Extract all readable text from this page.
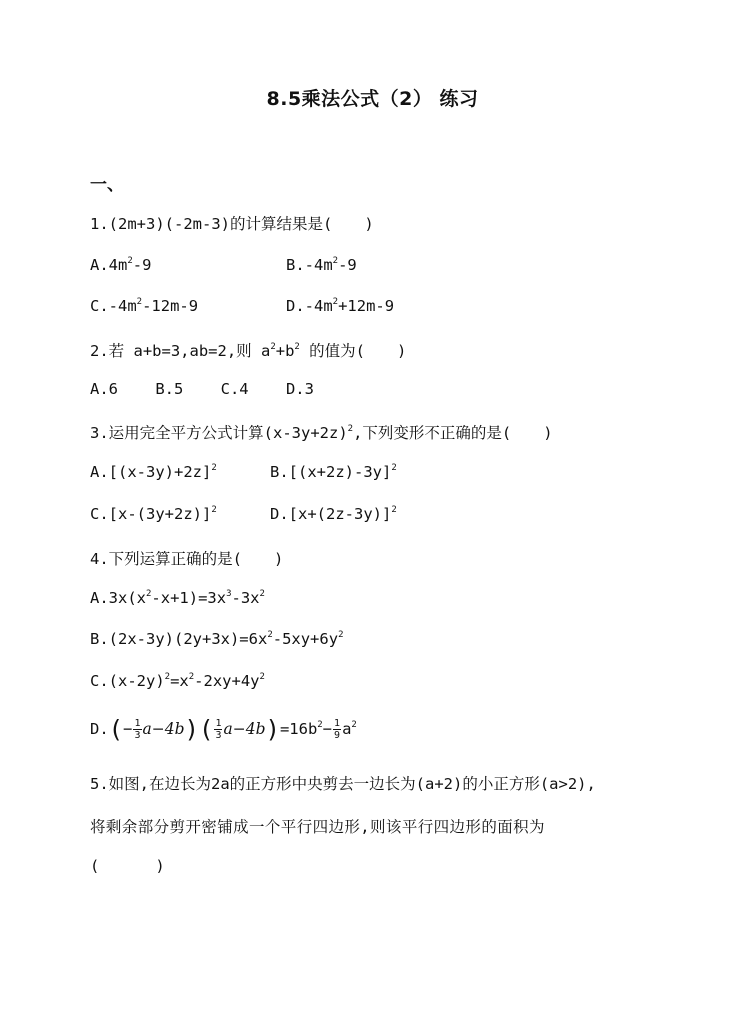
8.5乘法公式（2） 练习
一、
1.(2m+3)(-2m-3)的计算结果是( )
$A.4m^2-9$	$B.-4m^2-9$
$C.-4m^2-12m-9$	$D.-4m^2+12m-9$
2.若 a+b=3,ab=2,则 $a^2+b^2$ 的值为( )
A.6    B.5    C.4    D.3
3.运用完全平方公式计算$(x-3y+2z)^2$,下列变形不正确的是( )
$A.[(x-3y)+2z]^2$	$B.[(x+2z)-3y]^2$
$C.[x-(3y+2z)]^2$	$D.[x+(2z-3y)]^2$
4.下列运算正确的是( )
$A.3x(x^2-x+1)=3x^3-3x^2$
$B.(2x-3y)(2y+3x)=6x^2-5xy+6y^2$
$C.(x-2y)^2=x^2-2xy+4y^2$
$D.(- \frac{1}{3} a-4b)( \frac{1}{3} a-4b)=16b^2- \frac{1}{9} a^2$
5.如图,在边长为2a的正方形中央剪去一边长为(a+2)的小正方形(a>2),
将剩余部分剪开密铺成一个平行四边形,则该平行四边形的面积为
(      )
